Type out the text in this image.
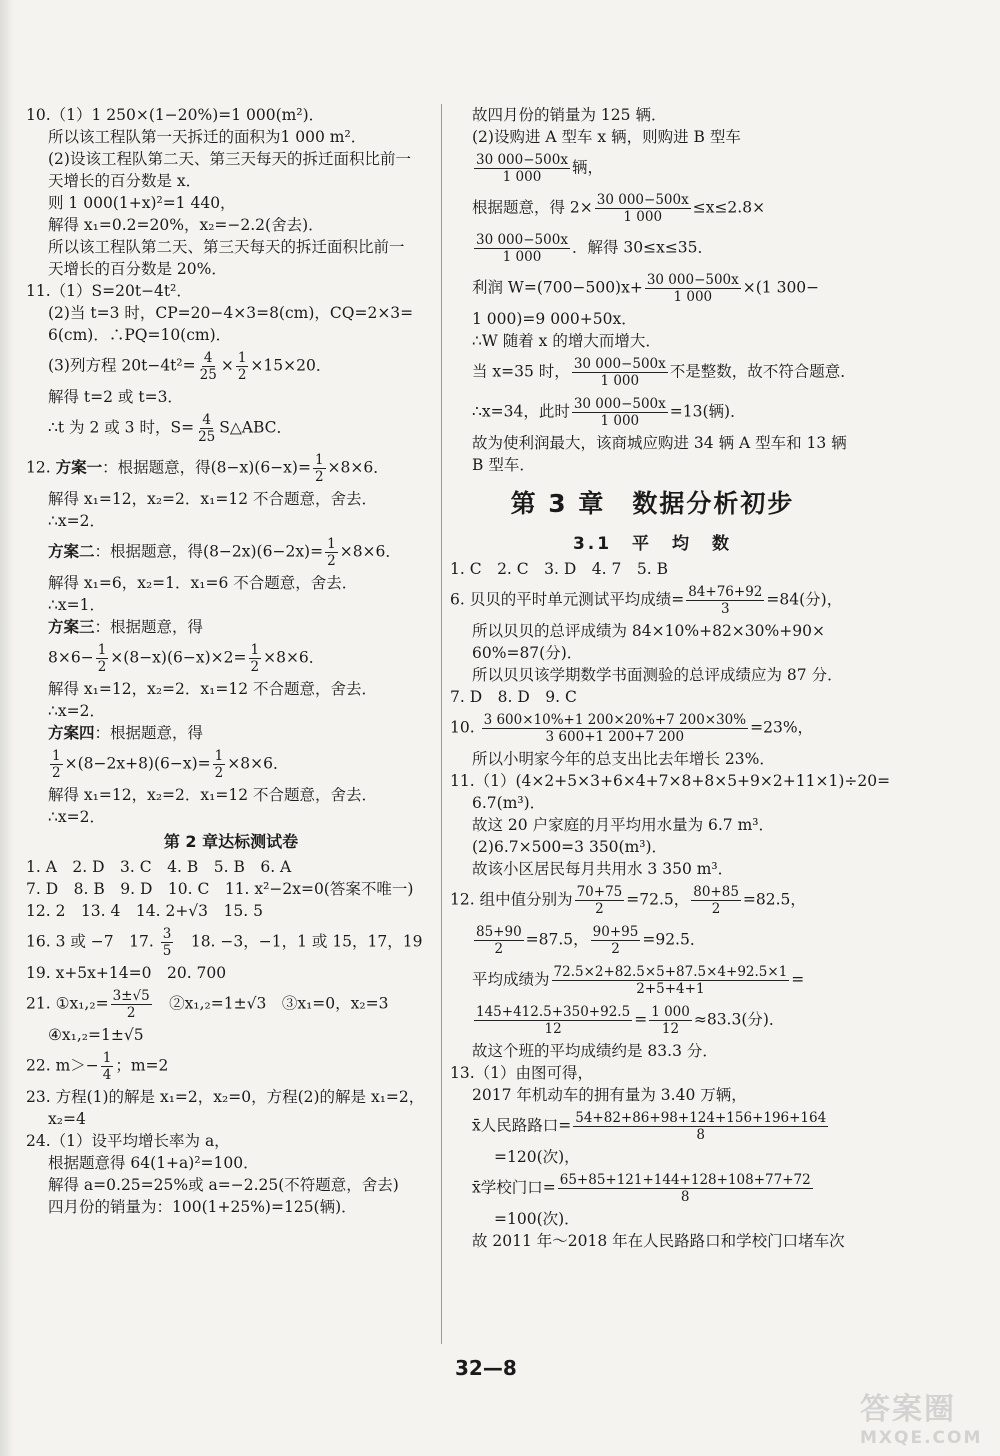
10.（1）1 250×(1−20%)=1 000(m²)．
所以该工程队第一天拆迁的面积为1 000 m²．
(2)设该工程队第二天、第三天每天的拆迁面积比前一
天增长的百分数是 x．
则 1 000(1+x)²=1 440，
解得 x₁=0.2=20%，x₂=−2.2(舍去)．
所以该工程队第二天、第三天每天的拆迁面积比前一
天增长的百分数是 20%．
11.（1）S=20t−4t²．
(2)当 t=3 时，CP=20−4×3=8(cm)，CQ=2×3=
6(cm)．∴PQ=10(cm)．
(3)列方程 $20t-4t^2= \frac{4}{25} \times \frac{1}{2} \times 15\times 20$．
解得 t=2 或 t=3．
∴t 为 2 或 3 时，$S= \frac{4}{25}$ S△ABC．
12. 方案一：根据题意，得$(8-x)(6-x)= \frac{1}{2} \times 8\times 6$．
解得 x₁=12，x₂=2．x₁=12 不合题意，舍去．
∴x=2．
方案二：根据题意，得$(8-2x)(6-2x)= \frac{1}{2} \times 8\times 6$．
解得 x₁=6，x₂=1．x₁=6 不合题意，舍去．
∴x=1．
方案三：根据题意，得
$8\times 6- \frac{1}{2} \times(8-x)(6-x)\times 2= \frac{1}{2} \times 8\times 6$．
解得 x₁=12，x₂=2．x₁=12 不合题意，舍去．
∴x=2．
方案四：根据题意，得
$\frac{1}{2} \times(8-2x+8)(6-x)= \frac{1}{2} \times 8\times 6$．
解得 x₁=12，x₂=2．x₁=12 不合题意，舍去．
∴x=2．
第 2 章达标测试卷
1. A　2. D　3. C　4. B　5. B　6. A
7. D　8. B　9. D　10. C　11. x²−2x=0(答案不唯一)
12. 2　13. 4　14. 2+√3　15. 5
16. 3 或 −7　17. $\frac{3}{5}$ 　18. −3，−1，1 或 15，17，19
19. x+5x+14=0　20. 700
21. ①x₁,₂= $\frac{3\pm√5}{2}$ 　②x₁,₂=1±√3　③x₁=0，x₂=3
④x₁,₂=1±√5
22. $m>- \frac{1}{4}$ ；m=2
23. 方程(1)的解是 x₁=2，x₂=0，方程(2)的解是 x₁=2，
x₂=4
24.（1）设平均增长率为 a，
根据题意得 64(1+a)²=100．
解得 a=0.25=25%或 a=−2.25(不符题意，舍去)
四月份的销量为：100(1+25%)=125(辆)．
故四月份的销量为 125 辆．
(2)设购进 A 型车 x 辆，则购进 B 型车
$\frac{30 000-500x}{1 000}$ 辆，
根据题意，得 $2\times \frac{30 000-500x}{1 000} \le x\le 2.8\times$
$\frac{30 000-500x}{1 000}$ ．解得 30≤x≤35．
利润 $W=(700-500)x+ \frac{30 000-500x}{1 000} \times(1$ 300−
1 000)=9 000+50x．
∴W 随着 x 的增大而增大．
当 x=35 时， $\frac{30 000-500x}{1 000}$ 不是整数，故不符合题意．
∴x=34，此时 $\frac{30 000-500x}{1 000} =13$(辆)．
故为使利润最大，该商城应购进 34 辆 A 型车和 13 辆
B 型车．
第 3 章　数据分析初步
3.1　平　均　数
1. C　2. C　3. D　4. 7　5. B
6. 贝贝的平时单元测试平均成绩= $\frac{84+76+92}{3} =84$(分)，
所以贝贝的总评成绩为 84×10%+82×30%+90×
60%=87(分)．
所以贝贝该学期数学书面测验的总评成绩应为 87 分．
7. D　8. D　9. C
10. $\frac{3 600\times 10\%+1 200\times 20\%+7 200\times 30\%}{3 600+1 200+7 200} =23\%$，
所以小明家今年的总支出比去年增长 23%．
11.（1）(4×2+5×3+6×4+7×8+8×5+9×2+11×1)÷20=
6.7(m³)．
故这 20 户家庭的月平均用水量为 6.7 m³．
(2)6.7×500=3 350(m³)．
故该小区居民每月共用水 3 350 m³．
12. 组中值分别为 $\frac{70+75}{2} =72.5$， $\frac{80+85}{2} =82.5$，
$\frac{85+90}{2} =87.5$， $\frac{90+95}{2} =92.5$．
平均成绩为 $\frac{72.5\times 2+82.5\times 5+87.5\times 4+92.5\times 1}{2+5+4+1}$ =
$\frac{145+412.5+350+92.5}{12} = \frac{1 000}{12} \approx 83.3$(分)．
故这个班的平均成绩约是 83.3 分．
13.（1）由图可得，
2017 年机动车的拥有量为 3.40 万辆，
x̄人民路路口= $\frac{54+82+86+98+124+156+196+164}{8}$
=120(次)，
x̄学校门口= $\frac{65+85+121+144+128+108+77+72}{8}$
=100(次)．
故 2011 年～2018 年在人民路路口和学校门口堵车次
32—8
答案圈
MXQE.COM
